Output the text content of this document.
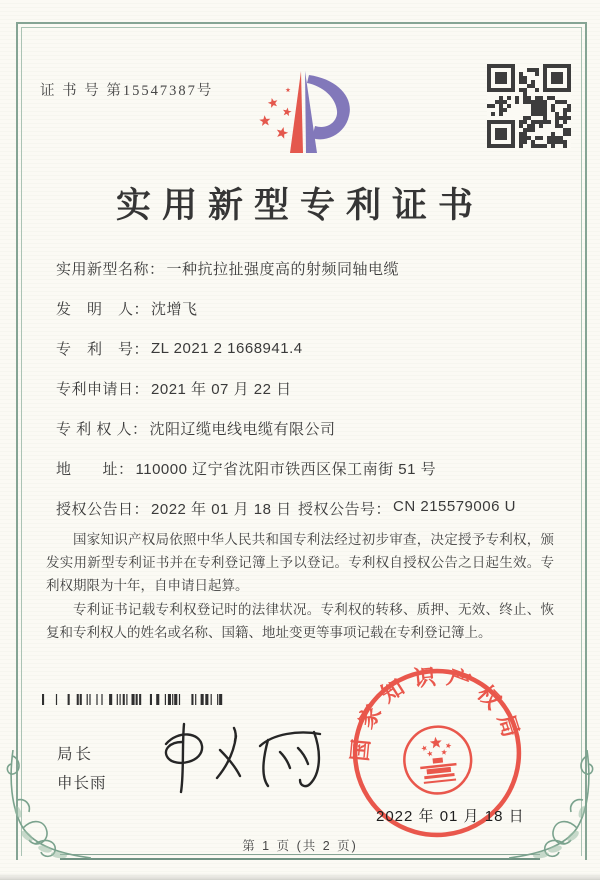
证 书 号 第15547387号
实用新型专利证书
实用新型名称： 一种抗拉扯强度高的射频同轴电缆
发　明　人： 沈增飞
专　利　号： ZL 2021 2 1668941.4
专利申请日： 2021 年 07 月 22 日
专 利 权 人： 沈阳辽缆电线电缆有限公司
地　　址： 110000 辽宁省沈阳市铁西区保工南街 51 号
授权公告日： 2022 年 01 月 18 日 授权公告号： CN 215579006 U

国家知识产权局依照中华人民共和国专利法经过初步审查，决定授予专利权，颁发实用新型专利证书并在专利登记簿上予以登记。专利权自授权公告之日起生效。专利权期限为十年，自申请日起算。

专利证书记载专利权登记时的法律状况。专利权的转移、质押、无效、终止、恢复和专利权人的姓名或名称、国籍、地址变更等事项记载在专利登记簿上。

局长
申长雨
国家知识产权局
2022 年 01 月 18 日
第 1 页 (共 2 页)
